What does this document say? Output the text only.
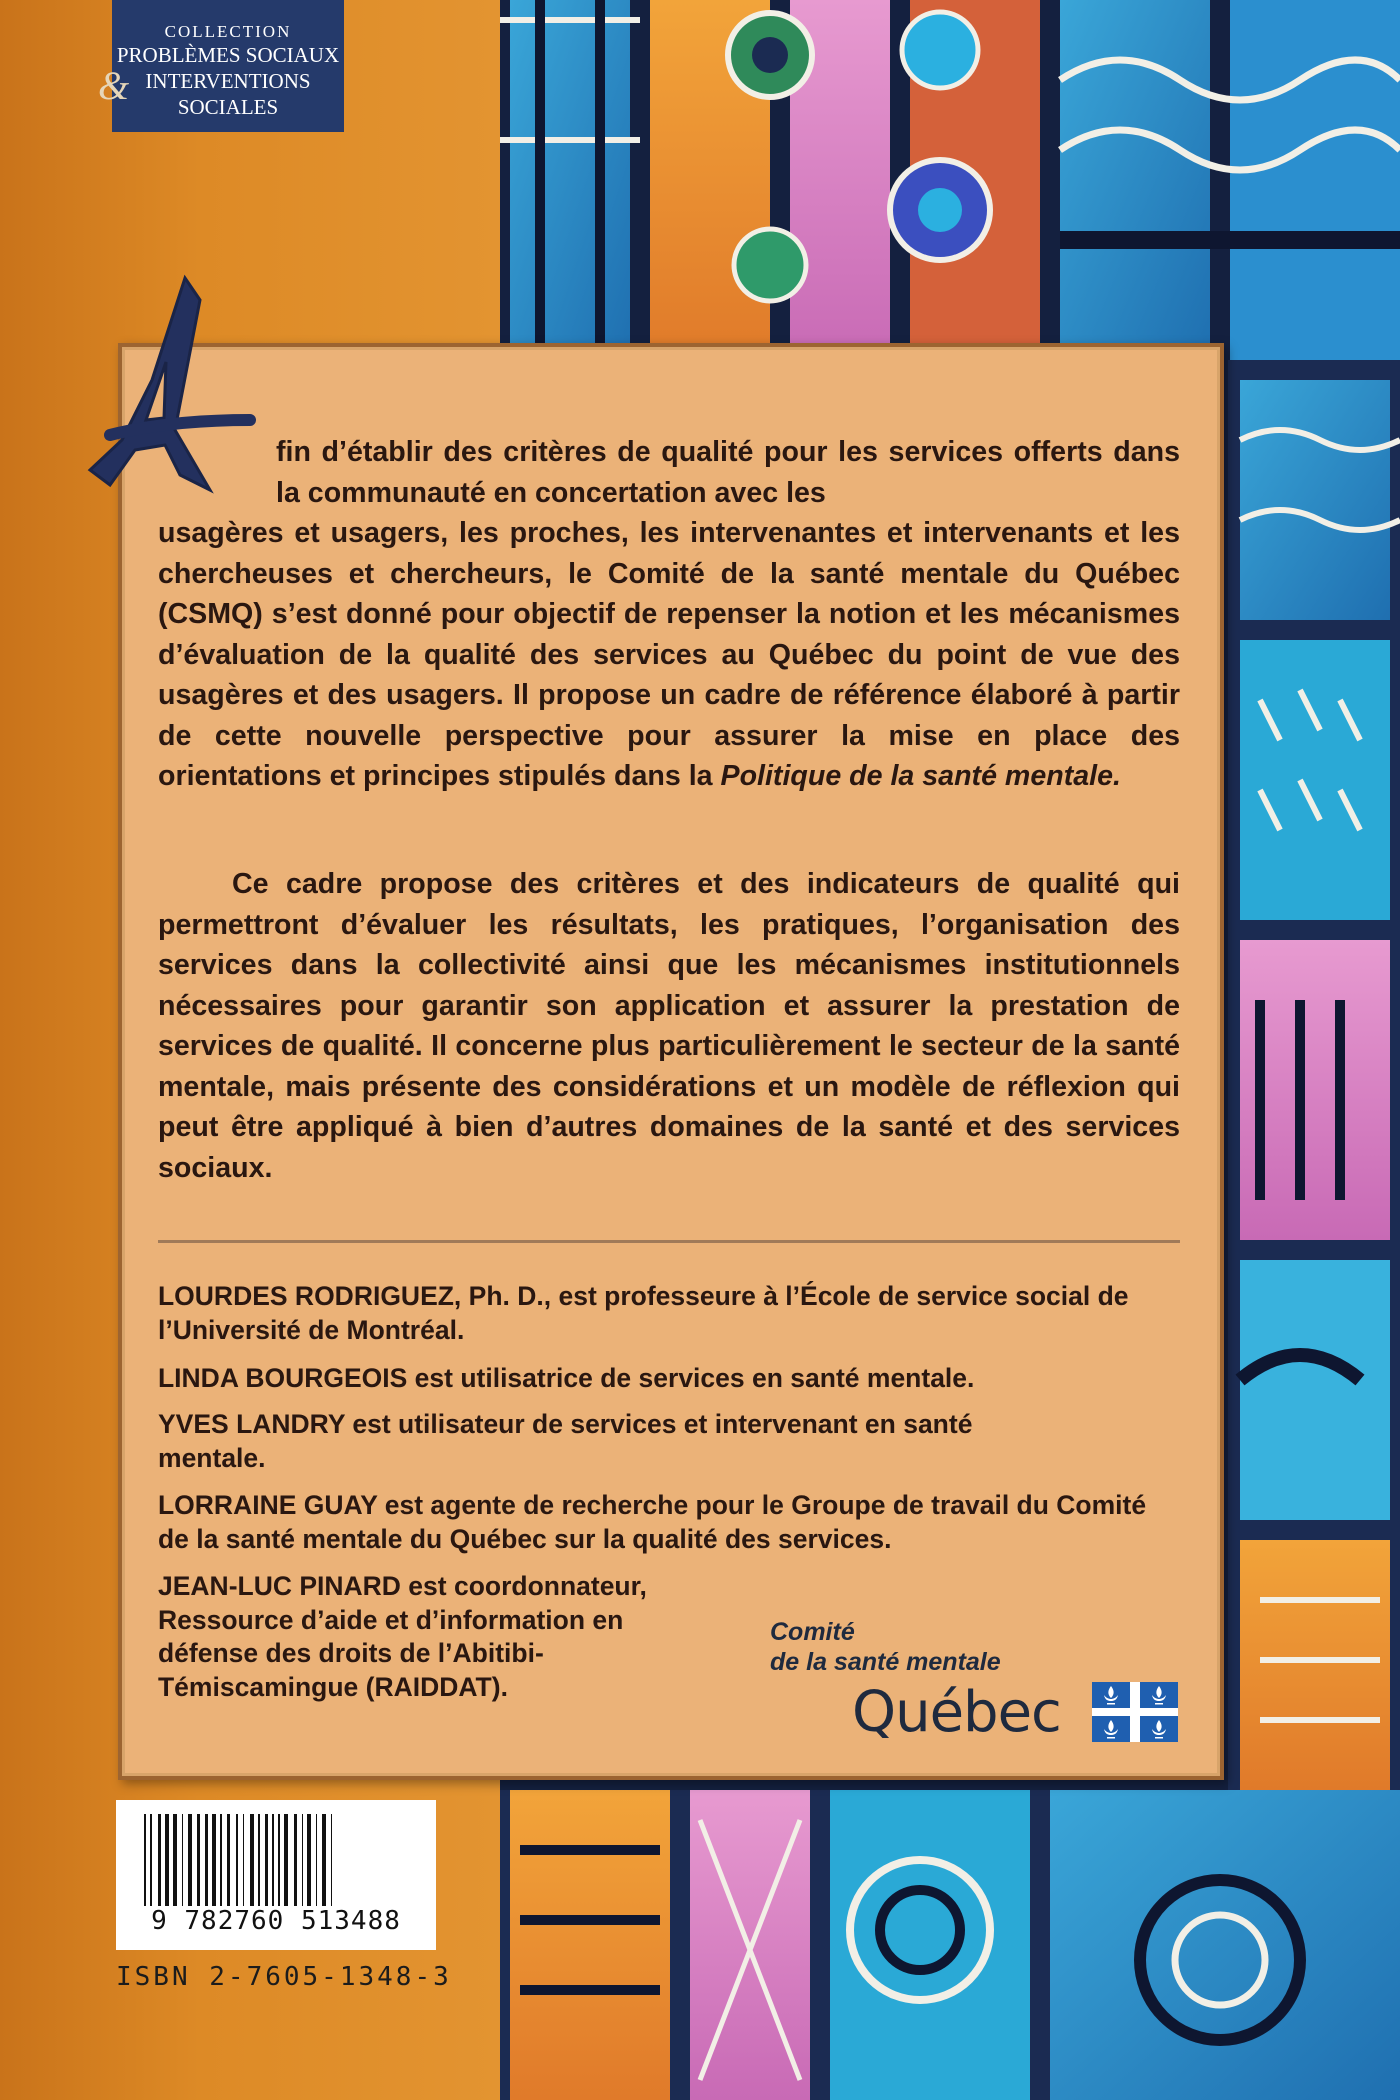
COLLECTION
PROBLÈMES SOCIAUX
INTERVENTIONS SOCIALES
&
A

fin d’établir des critères de qualité pour les services offerts dans la communauté en concertation avec les
usagères et usagers, les proches, les intervenantes et intervenants et les chercheuses et chercheurs, le Comité de la santé mentale du Québec (CSMQ) s’est donné pour objectif de repenser la notion et les mécanismes d’évaluation de la qualité des services au Québec du point de vue des usagères et des usagers. Il propose un cadre de référence élaboré à partir de cette nouvelle perspective pour assurer la mise en place des orientations et principes stipulés dans la Politique de la santé mentale.

Ce cadre propose des critères et des indicateurs de qualité qui permettront d’évaluer les résultats, les pratiques, l’organisation des services dans la collectivité ainsi que les mécanismes institutionnels nécessaires pour garantir son application et assurer la prestation de services de qualité. Il concerne plus particulièrement le secteur de la santé mentale, mais présente des considérations et un modèle de réflexion qui peut être appliqué à bien d’autres domaines de la santé et des services sociaux.

LOURDES RODRIGUEZ, Ph. D., est professeure à l’École de service social de l’Université de Montréal.

LINDA BOURGEOIS est utilisatrice de services en santé mentale.

YVES LANDRY est utilisateur de services et intervenant en santé mentale.

LORRAINE GUAY est agente de recherche pour le Groupe de travail du Comité de la santé mentale du Québec sur la qualité des services.

JEAN-LUC PINARD est coordonnateur, Ressource d’aide et d’information en défense des droits de l’Abitibi-Témiscamingue (RAIDDAT).

Comité
de la santé mentale
Québec
9 782760 513488
ISBN 2-7605-1348-3
